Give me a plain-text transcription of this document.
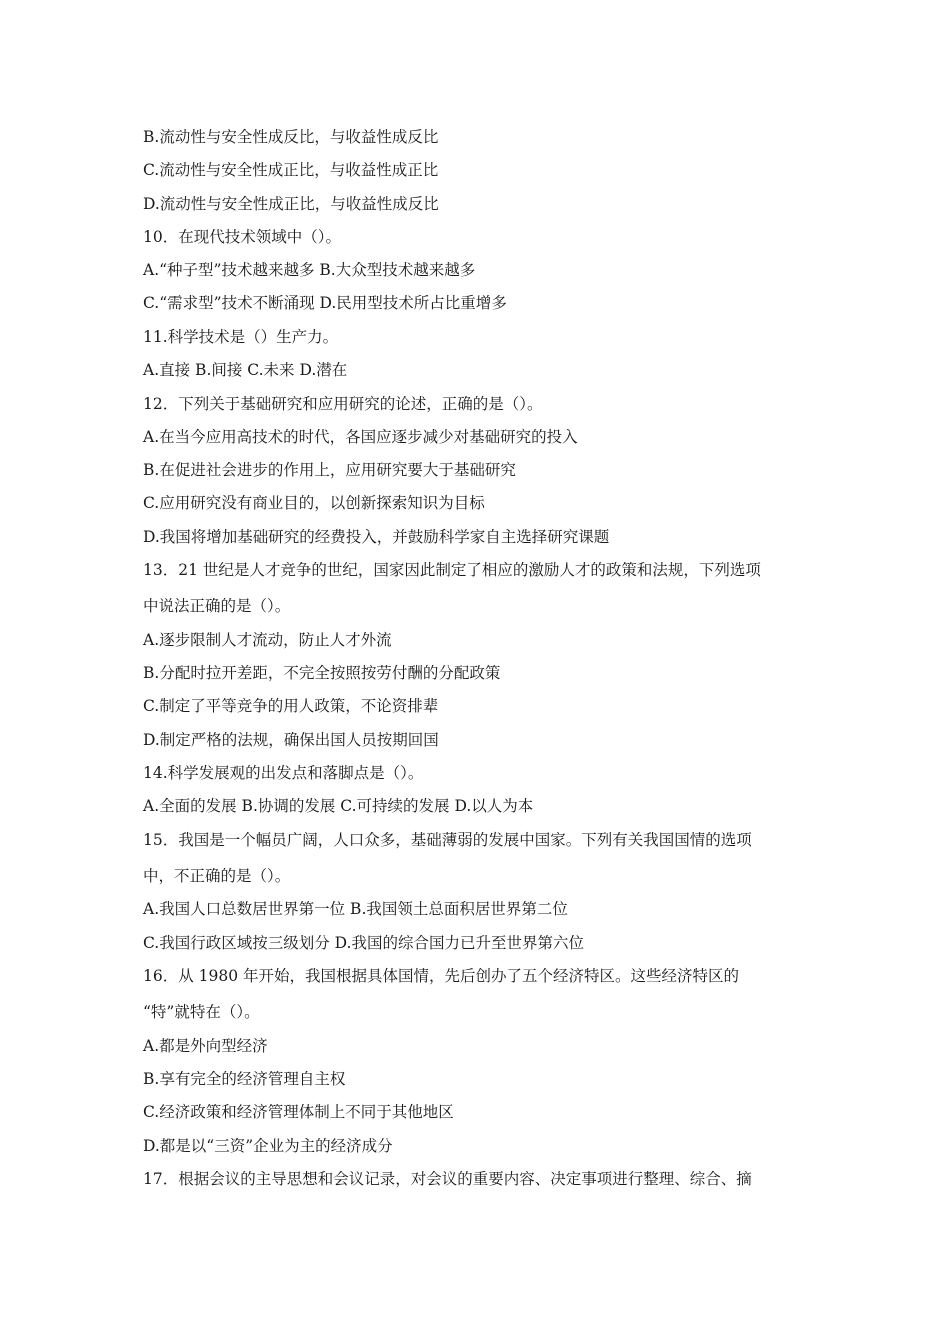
B.流动性与安全性成反比，与收益性成反比
C.流动性与安全性成正比，与收益性成正比
D.流动性与安全性成正比，与收益性成反比
10．在现代技术领域中（）。
A.“种子型”技术越来越多 B.大众型技术越来越多
C.“需求型”技术不断涌现 D.民用型技术所占比重增多
11.科学技术是（）生产力。
A.直接 B.间接 C.未来 D.潜在
12．下列关于基础研究和应用研究的论述，正确的是（）。
A.在当今应用高技术的时代，各国应逐步减少对基础研究的投入
B.在促进社会进步的作用上，应用研究要大于基础研究
C.应用研究没有商业目的，以创新探索知识为目标
D.我国将增加基础研究的经费投入，并鼓励科学家自主选择研究课题
13．21 世纪是人才竞争的世纪，国家因此制定了相应的激励人才的政策和法规，下列选项
中说法正确的是（）。
A.逐步限制人才流动，防止人才外流
B.分配时拉开差距，不完全按照按劳付酬的分配政策
C.制定了平等竞争的用人政策，不论资排辈
D.制定严格的法规，确保出国人员按期回国
14.科学发展观的出发点和落脚点是（）。
A.全面的发展 B.协调的发展 C.可持续的发展 D.以人为本
15．我国是一个幅员广阔，人口众多，基础薄弱的发展中国家。下列有关我国国情的选项
中，不正确的是（）。
A.我国人口总数居世界第一位 B.我国领土总面积居世界第二位
C.我国行政区域按三级划分 D.我国的综合国力已升至世界第六位
16．从 1980 年开始，我国根据具体国情，先后创办了五个经济特区。这些经济特区的
“特”就特在（）。
A.都是外向型经济
B.享有完全的经济管理自主权
C.经济政策和经济管理体制上不同于其他地区
D.都是以“三资”企业为主的经济成分
17．根据会议的主导思想和会议记录，对会议的重要内容、决定事项进行整理、综合、摘
